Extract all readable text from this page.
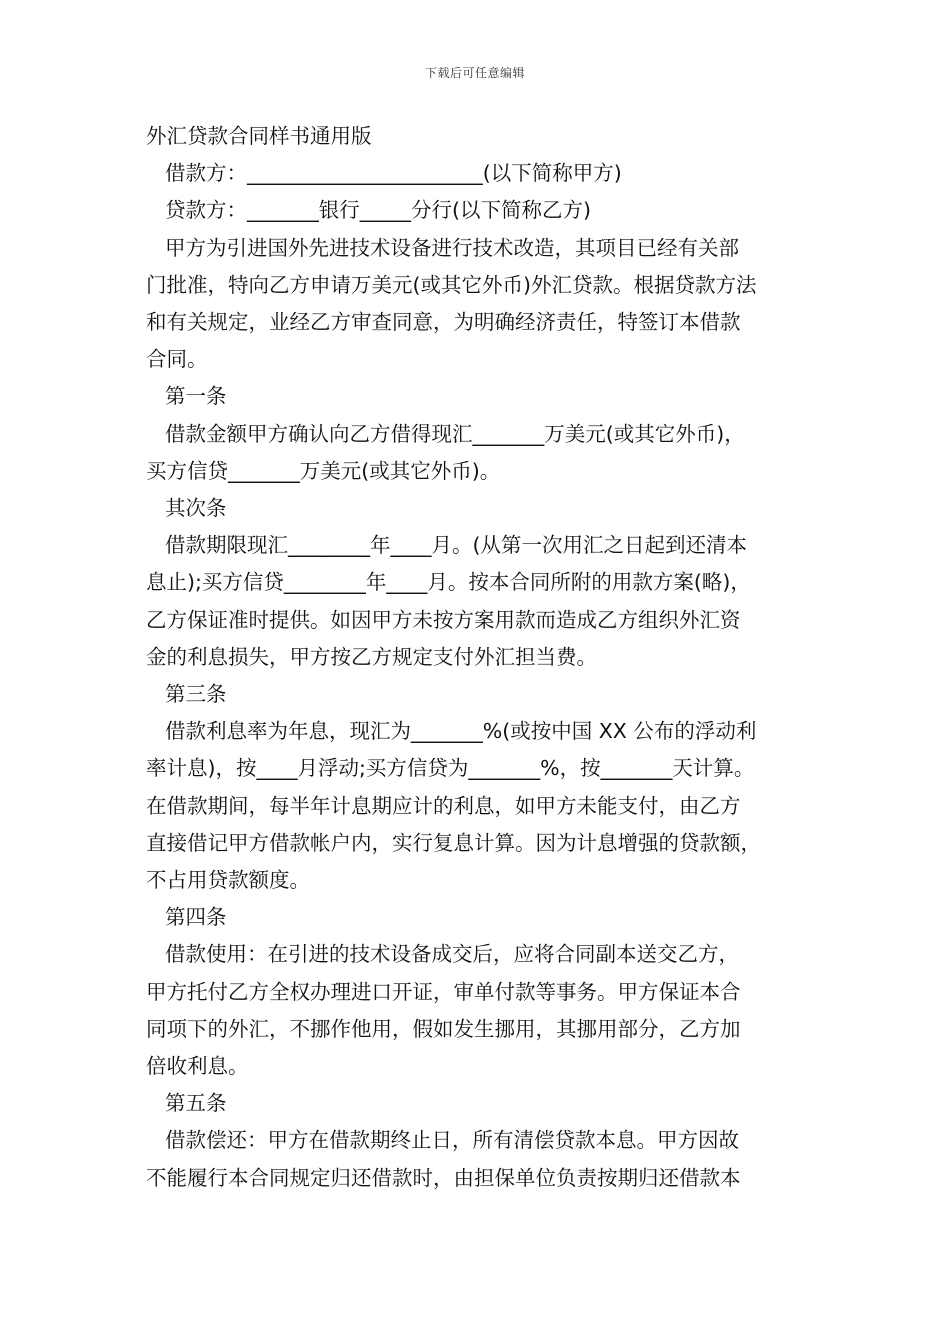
下载后可任意编辑
外汇贷款合同样书通用版
借款方：_______________________(以下简称甲方)
贷款方：_______银行_____分行(以下简称乙方)
甲方为引进国外先进技术设备进行技术改造，其项目已经有关部
门批准，特向乙方申请万美元(或其它外币)外汇贷款。根据贷款方法
和有关规定，业经乙方审查同意，为明确经济责任，特签订本借款
合同。
第一条
借款金额甲方确认向乙方借得现汇_______万美元(或其它外币)，
买方信贷_______万美元(或其它外币)。
其次条
借款期限现汇________年____月。(从第一次用汇之日起到还清本
息止);买方信贷________年____月。按本合同所附的用款方案(略)，
乙方保证准时提供。如因甲方未按方案用款而造成乙方组织外汇资
金的利息损失，甲方按乙方规定支付外汇担当费。
第三条
借款利息率为年息，现汇为_______%(或按中国 XX 公布的浮动利
率计息)，按____月浮动;买方信贷为_______%，按_______天计算。
在借款期间，每半年计息期应计的利息，如甲方未能支付，由乙方
直接借记甲方借款帐户内，实行复息计算。因为计息增强的贷款额，
不占用贷款额度。
第四条
借款使用：在引进的技术设备成交后，应将合同副本送交乙方，
甲方托付乙方全权办理进口开证，审单付款等事务。甲方保证本合
同项下的外汇，不挪作他用，假如发生挪用，其挪用部分，乙方加
倍收利息。
第五条
借款偿还：甲方在借款期终止日，所有清偿贷款本息。甲方因故
不能履行本合同规定归还借款时，由担保单位负责按期归还借款本
